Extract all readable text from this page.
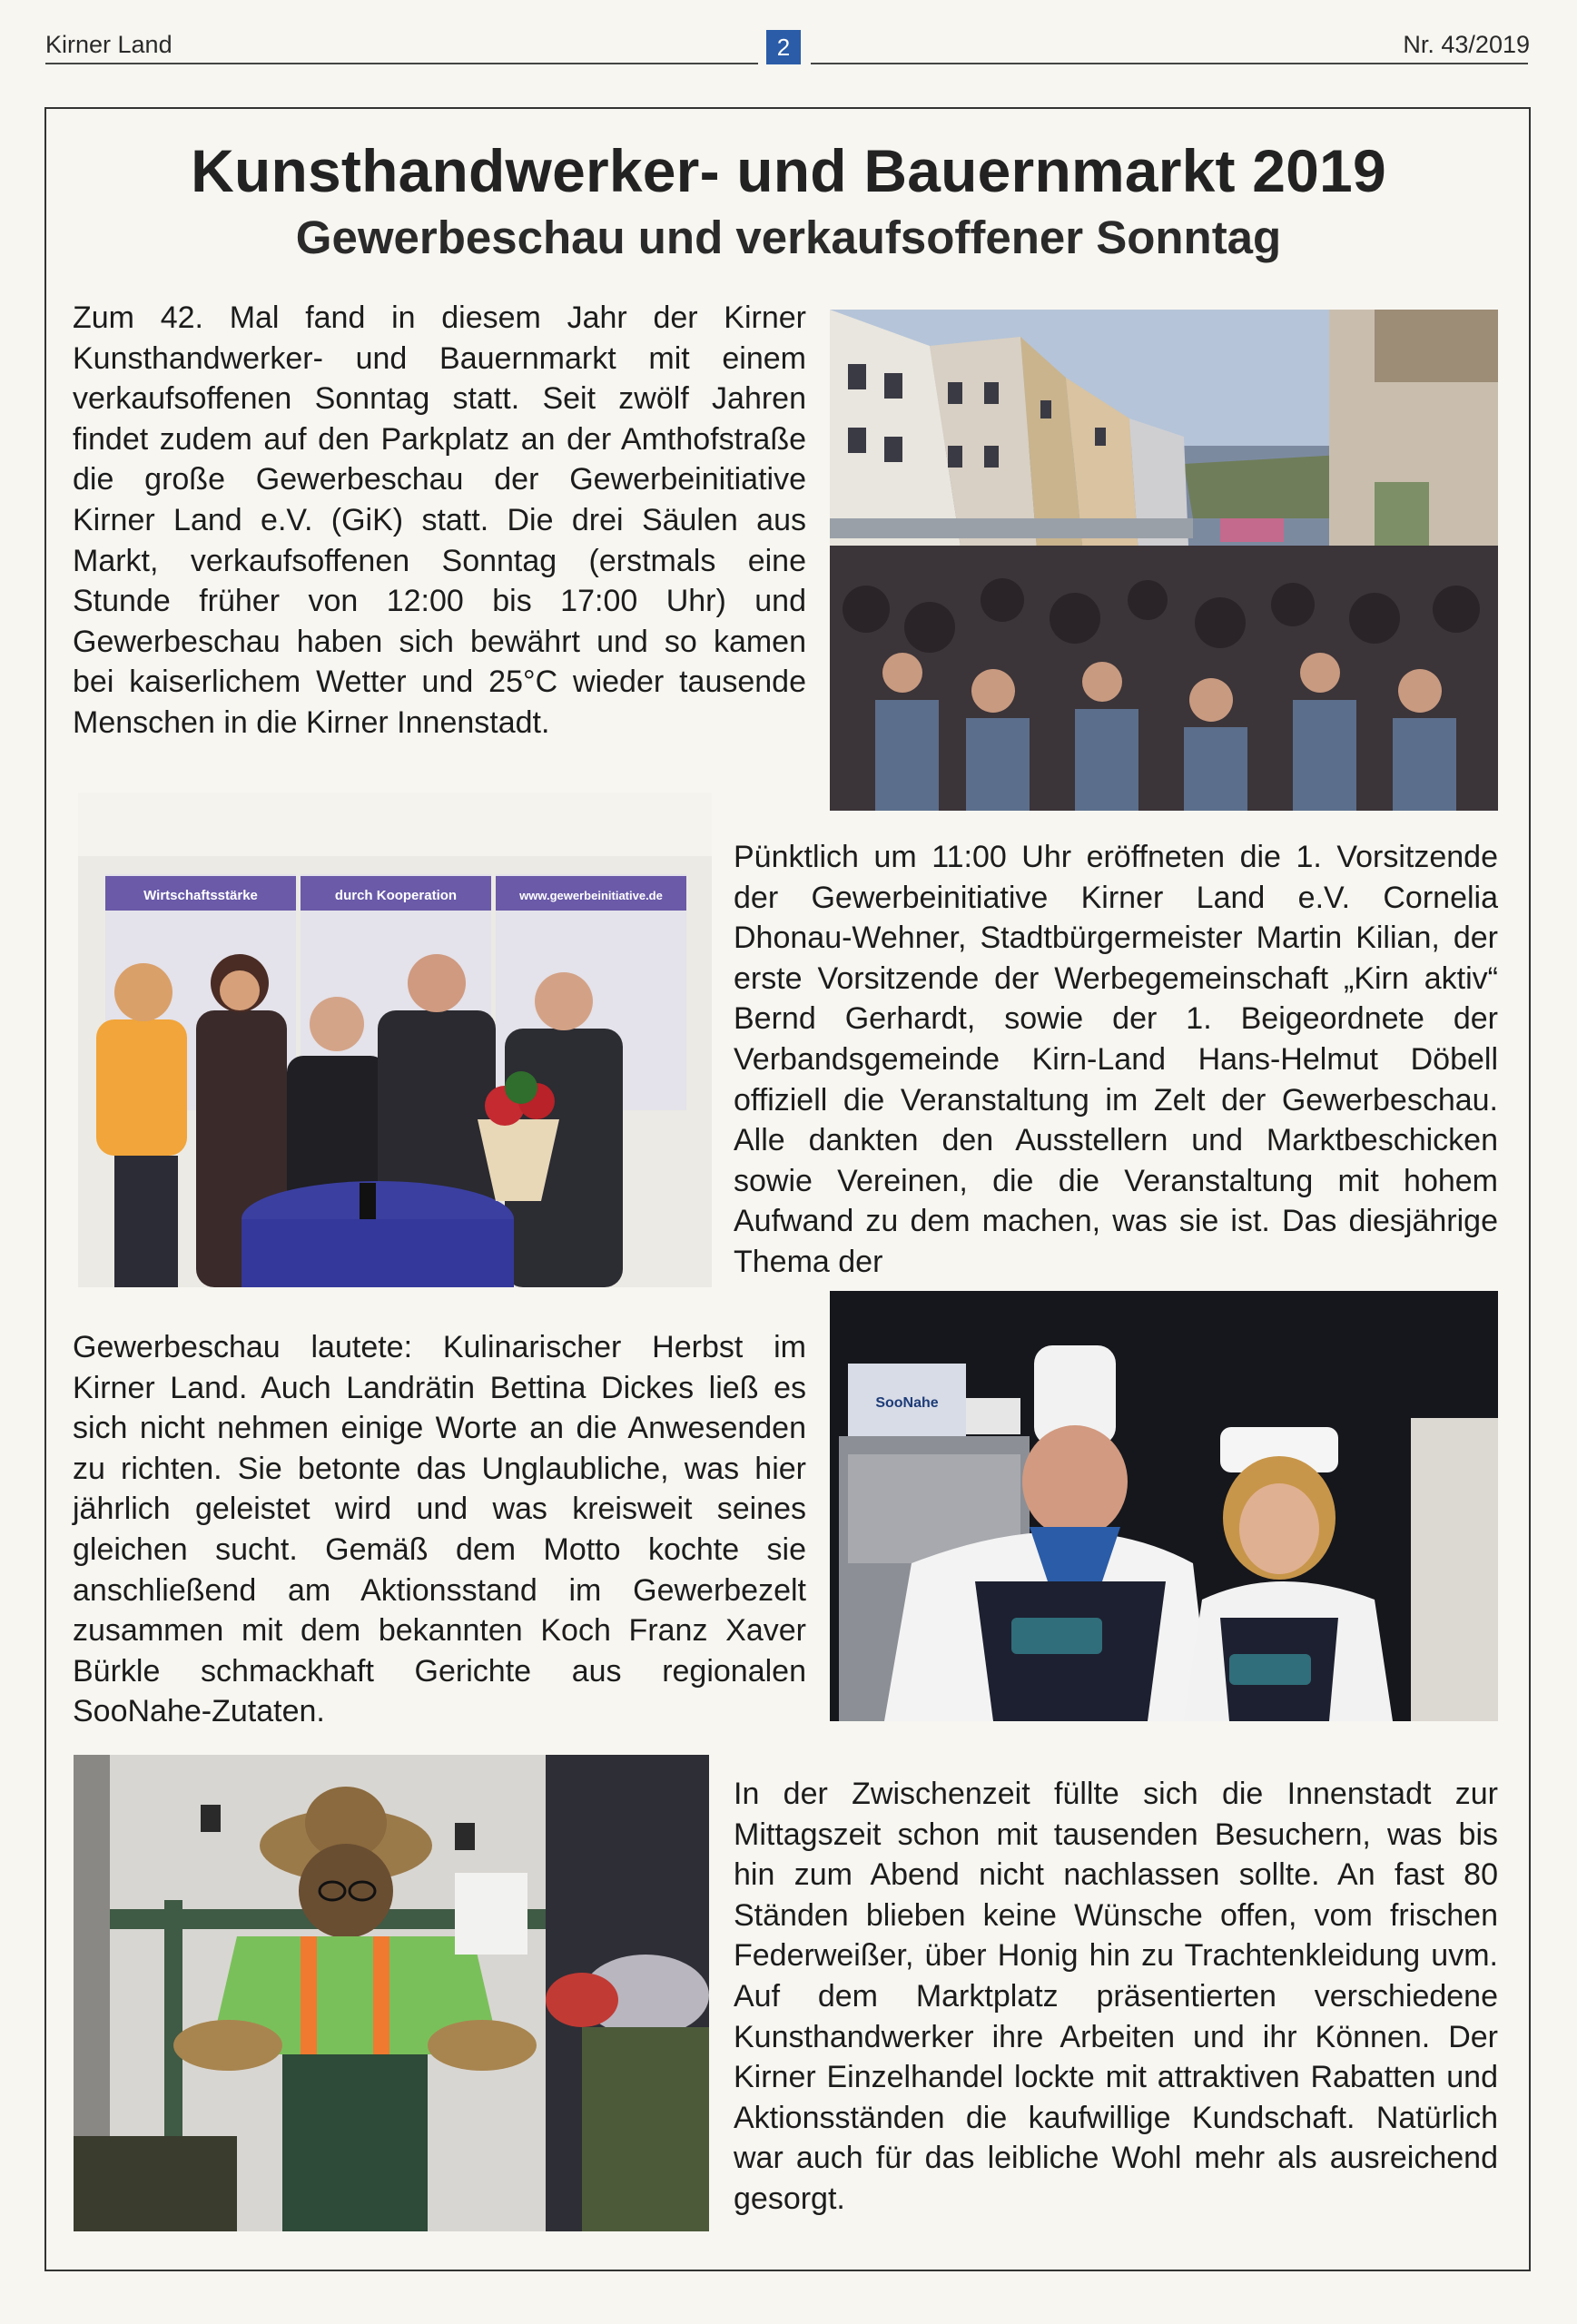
Kirner Land	2	Nr. 43/2019
Kunsthandwerker- und Bauernmarkt 2019
Gewerbeschau und verkaufsoffener Sonntag

Zum 42. Mal fand in diesem Jahr der Kirner Kunsthandwerker- und Bauernmarkt mit einem verkaufsoffenen Sonntag statt. Seit zwölf Jahren findet zudem auf den Parkplatz an der Amthofstraße die große Gewerbeschau der Gewerbeinitiative Kirner Land e.V. (GiK) statt. Die drei Säulen aus Markt, verkaufsoffenen Sonntag (erstmals eine Stunde früher von 12:00 bis 17:00 Uhr) und Gewerbeschau haben sich bewährt und so kamen bei kaiserlichem Wetter und 25°C wieder tausende Menschen in die Kirner Innenstadt.

Wirtschaftsstärke	durch Kooperation	www.gewerbeinitiative.de

Pünktlich um 11:00 Uhr eröffneten die 1. Vorsitzende der Gewerbeinitiative Kirner Land e.V. Cornelia Dhonau-Wehner, Stadtbürgermeister Martin Kilian, der erste Vorsitzende der Werbegemeinschaft „Kirn aktiv“ Bernd Gerhardt, sowie der 1. Beigeordnete der Verbandsgemeinde Kirn-Land Hans-Helmut Döbell offiziell die Veranstaltung im Zelt der Gewerbeschau. Alle dankten den Ausstellern und Marktbeschicken sowie Vereinen, die die Veranstaltung mit hohem Aufwand zu dem machen, was sie ist. Das diesjährige Thema der

Gewerbeschau lautete: Kulinarischer Herbst im Kirner Land. Auch Landrätin Bettina Dickes ließ es sich nicht nehmen einige Worte an die Anwesenden zu richten. Sie betonte das Unglaubliche, was hier jährlich geleistet wird und was kreisweit seines gleichen sucht. Gemäß dem Motto kochte sie anschließend am Aktionsstand im Gewerbezelt zusammen mit dem bekannten Koch Franz Xaver Bürkle schmackhaft Gerichte aus regionalen SooNahe-Zutaten.

SooNahe

In der Zwischenzeit füllte sich die Innenstadt zur Mittagszeit schon mit tausenden Besuchern, was bis hin zum Abend nicht nachlassen sollte. An fast 80 Ständen blieben keine Wünsche offen, vom frischen Federweißer, über Honig hin zu Trachtenkleidung uvm. Auf dem Marktplatz präsentierten verschiedene Kunsthandwerker ihre Arbeiten und ihr Können. Der Kirner Einzelhandel lockte mit attraktiven Rabatten und Aktionsständen die kaufwillige Kundschaft. Natürlich war auch für das leibliche Wohl mehr als ausreichend gesorgt.
